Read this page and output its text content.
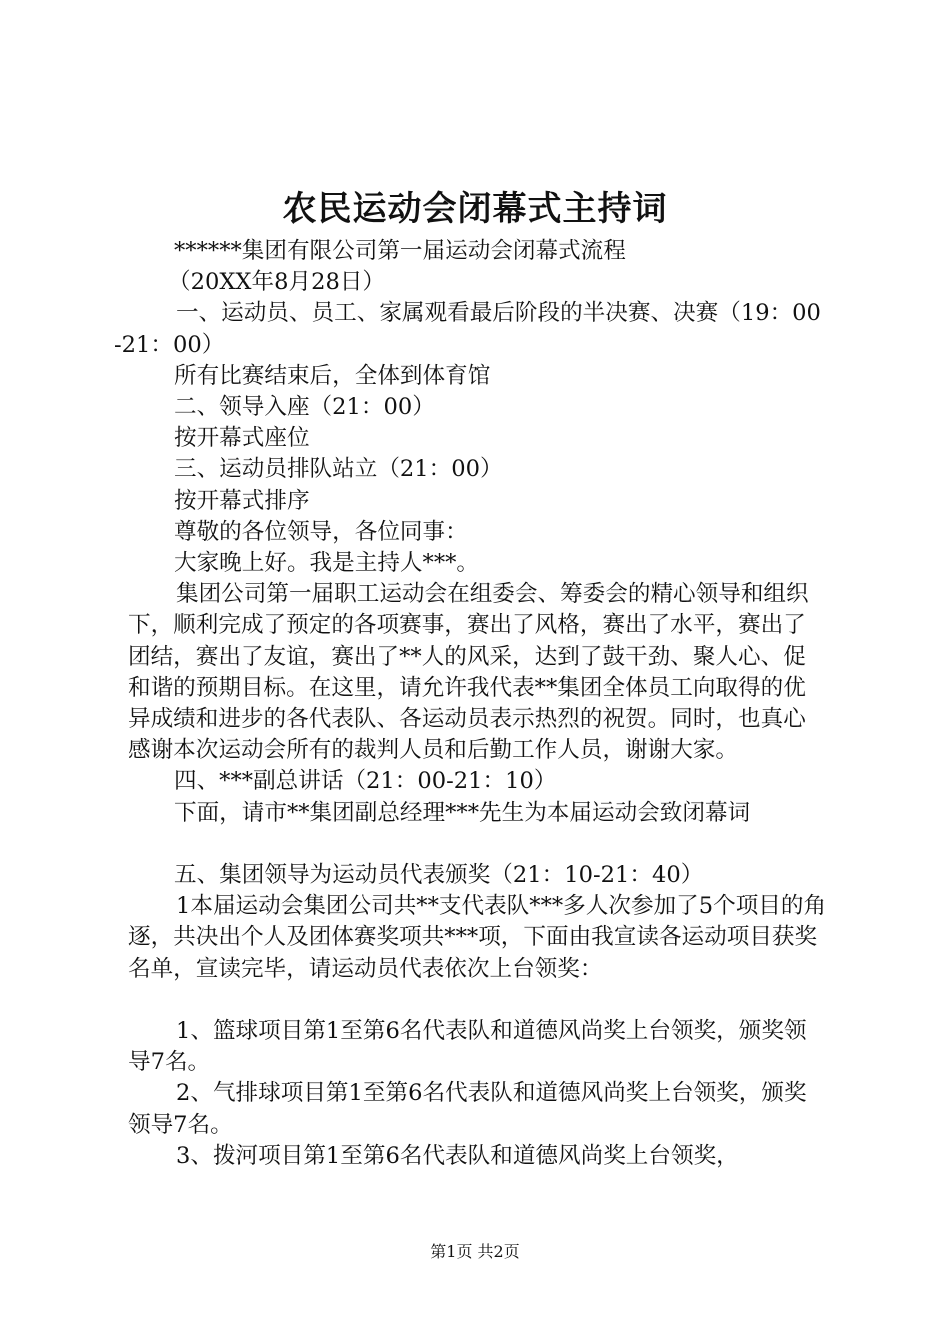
农民运动会闭幕式主持词

******集团有限公司第一届运动会闭幕式流程

（20XX年8月28日）

一、运动员、员工、家属观看最后阶段的半决赛、决赛（19：00-21：00）

所有比赛结束后，全体到体育馆

二、领导入座（21：00）

按开幕式座位

三、运动员排队站立（21：00）

按开幕式排序

尊敬的各位领导，各位同事：

大家晚上好。我是主持人***。

集团公司第一届职工运动会在组委会、筹委会的精心领导和组织下，顺利完成了预定的各项赛事，赛出了风格，赛出了水平，赛出了团结，赛出了友谊，赛出了**人的风采，达到了鼓干劲、聚人心、促和谐的预期目标。在这里，请允许我代表**集团全体员工向取得的优异成绩和进步的各代表队、各运动员表示热烈的祝贺。同时，也真心感谢本次运动会所有的裁判人员和后勤工作人员，谢谢大家。

四、***副总讲话（21：00-21：10）

下面，请市**集团副总经理***先生为本届运动会致闭幕词

五、集团领导为运动员代表颁奖（21：10-21：40）

1本届运动会集团公司共**支代表队***多人次参加了5个项目的角逐，共决出个人及团体赛奖项共***项，下面由我宣读各运动项目获奖名单，宣读完毕，请运动员代表依次上台领奖：

1、篮球项目第1至第6名代表队和道德风尚奖上台领奖，颁奖领导7名。

2、气排球项目第1至第6名代表队和道德风尚奖上台领奖，颁奖领导7名。

3、拨河项目第1至第6名代表队和道德风尚奖上台领奖，

第1页 共2页
